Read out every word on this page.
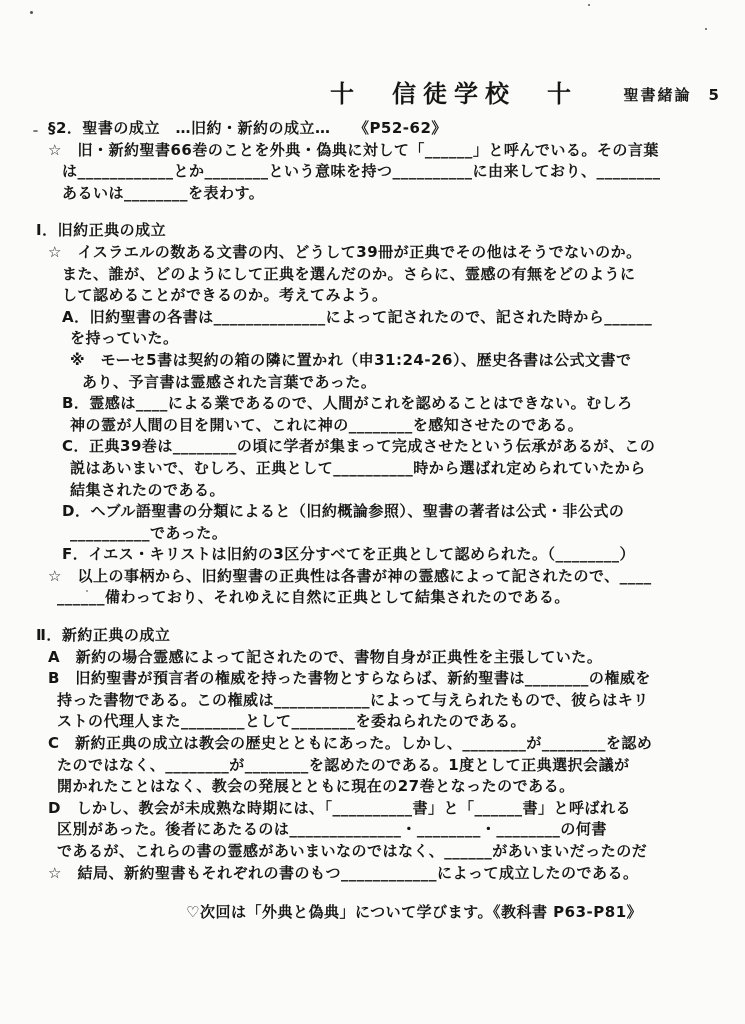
十　信徒学校　十	聖書緒論　5
§2．聖書の成立　…旧約・新約の成立…　　《P52-62》
☆　旧・新約聖書66巻のことを外典・偽典に対して「______」と呼んでいる。その言葉
は____________とか________という意味を持つ__________に由来しており、________
あるいは________を表わす。
Ⅰ．旧約正典の成立
☆　イスラエルの数ある文書の内、どうして39冊が正典でその他はそうでないのか。
また、誰が、どのようにして正典を選んだのか。さらに、霊感の有無をどのように
して認めることができるのか。考えてみよう。
A．旧約聖書の各書は______________によって記されたので、記された時から______
を持っていた。
※　モーセ5書は契約の箱の隣に置かれ（申31:24-26）、歴史各書は公式文書で
あり、予言書は霊感された言葉であった。
B．霊感は____による業であるので、人間がこれを認めることはできない。むしろ
神の霊が人間の目を開いて、これに神の________を感知させたのである。
C．正典39巻は________の頃に学者が集まって完成させたという伝承があるが、この
説はあいまいで、むしろ、正典として__________時から選ばれ定められていたから
結集されたのである。
D．ヘブル語聖書の分類によると（旧約概論参照）、聖書の著者は公式・非公式の
__________であった。
F．イエス・キリストは旧約の3区分すべてを正典として認められた。（________）
☆　以上の事柄から、旧約聖書の正典性は各書が神の霊感によって記されたので、____
______備わっており、それゆえに自然に正典として結集されたのである。
Ⅱ．新約正典の成立
A　新約の場合霊感によって記されたので、書物自身が正典性を主張していた。
B　旧約聖書が預言者の権威を持った書物とすらならば、新約聖書は________の権威を
持った書物である。この権威は____________によって与えられたもので、彼らはキリ
ストの代理人また________として________を委ねられたのである。
C　新約正典の成立は教会の歴史とともにあった。しかし、________が________を認め
たのではなく、________が________を認めたのである。1度として正典選択会議が
開かれたことはなく、教会の発展とともに現在の27巻となったのである。
D　しかし、教会が未成熟な時期には、「__________書」と「______書」と呼ばれる
区別があった。後者にあたるのは______________・________・________の何書
であるが、これらの書の霊感があいまいなのではなく、______があいまいだったのだ
☆　結局、新約聖書もそれぞれの書のもつ____________によって成立したのである。
♡次回は「外典と偽典」について学びます。《教科書 P63-P81》
